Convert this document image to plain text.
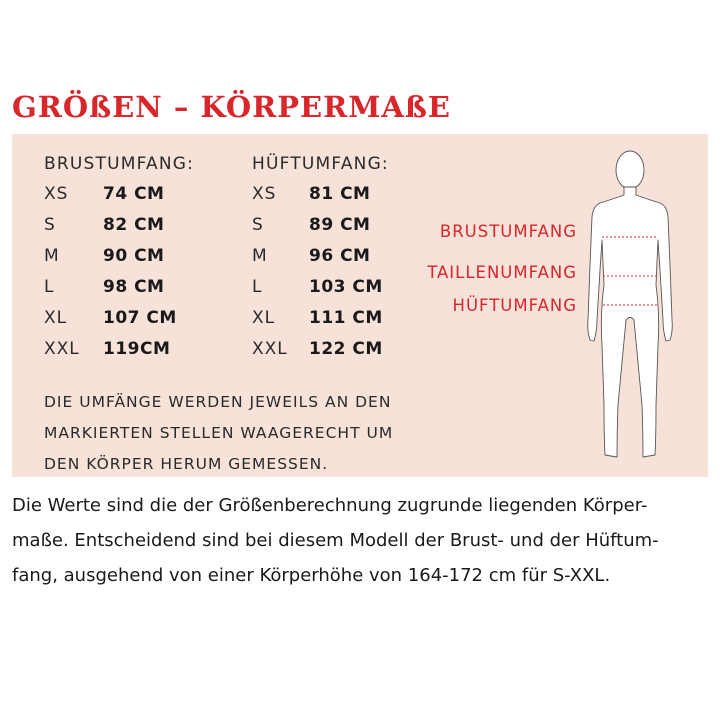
GRÖßEN – KÖRPERMAßE
BRUSTUMFANG:
XS 74 CM
S	82 CM
M	90 CM
L	98 CM
XL 107 CM
XXL 119CM
HÜFTUMFANG:
XS 81 CM
S	89 CM
M 96 CM
L	103 CM
XL 111 CM
XXL 122 CM
DIE UMFÄNGE WERDEN JEWEILS AN DEN
MARKIERTEN STELLEN WAAGERECHT UM
DEN KÖRPER HERUM GEMESSEN.
BRUSTUMFANG
TAILLENUMFANG
HÜFTUMFANG
Die Werte sind die der Größenberechnung zugrunde liegenden Körper-
maße. Entscheidend sind bei diesem Modell der Brust- und der Hüftum-
fang, ausgehend von einer Körperhöhe von 164-172 cm für S-XXL.
